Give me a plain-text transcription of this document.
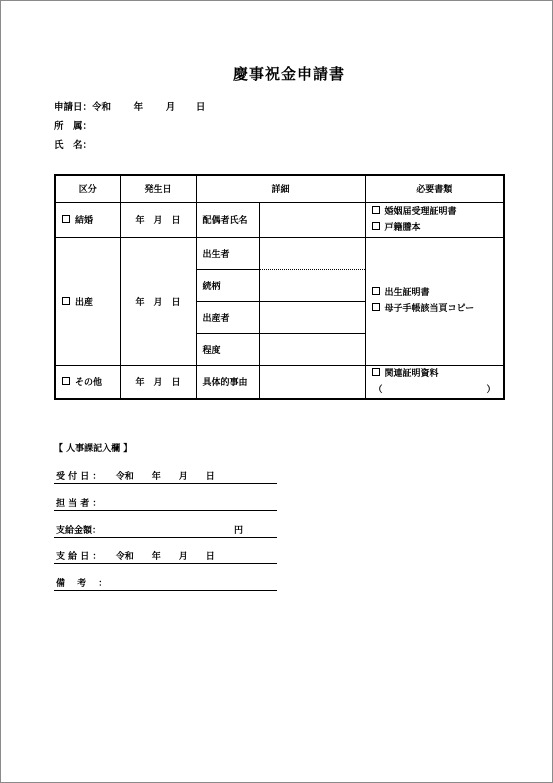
慶事祝金申請書
申請日：令和 年 月 日
所　属：
氏　名：
区分	発生日	詳細		必要書類
結婚	年　月　日	配偶者氏名		婚姻届受理証明書
戸籍謄本

出産	年　月　日	出生者		出生証明書
母子手帳該当頁コピー

		続柄		
		出産者		
		程度		
その他	年　月　日	具体的事由		関連証明資料
（ ）
【 人事課記入欄 】
受 付 日 ： 令和　　年　　月　　日
担 当 者 ：
支給金額：	円
支 給 日 ： 令和　　年　　月　　日
備　 考 　：
